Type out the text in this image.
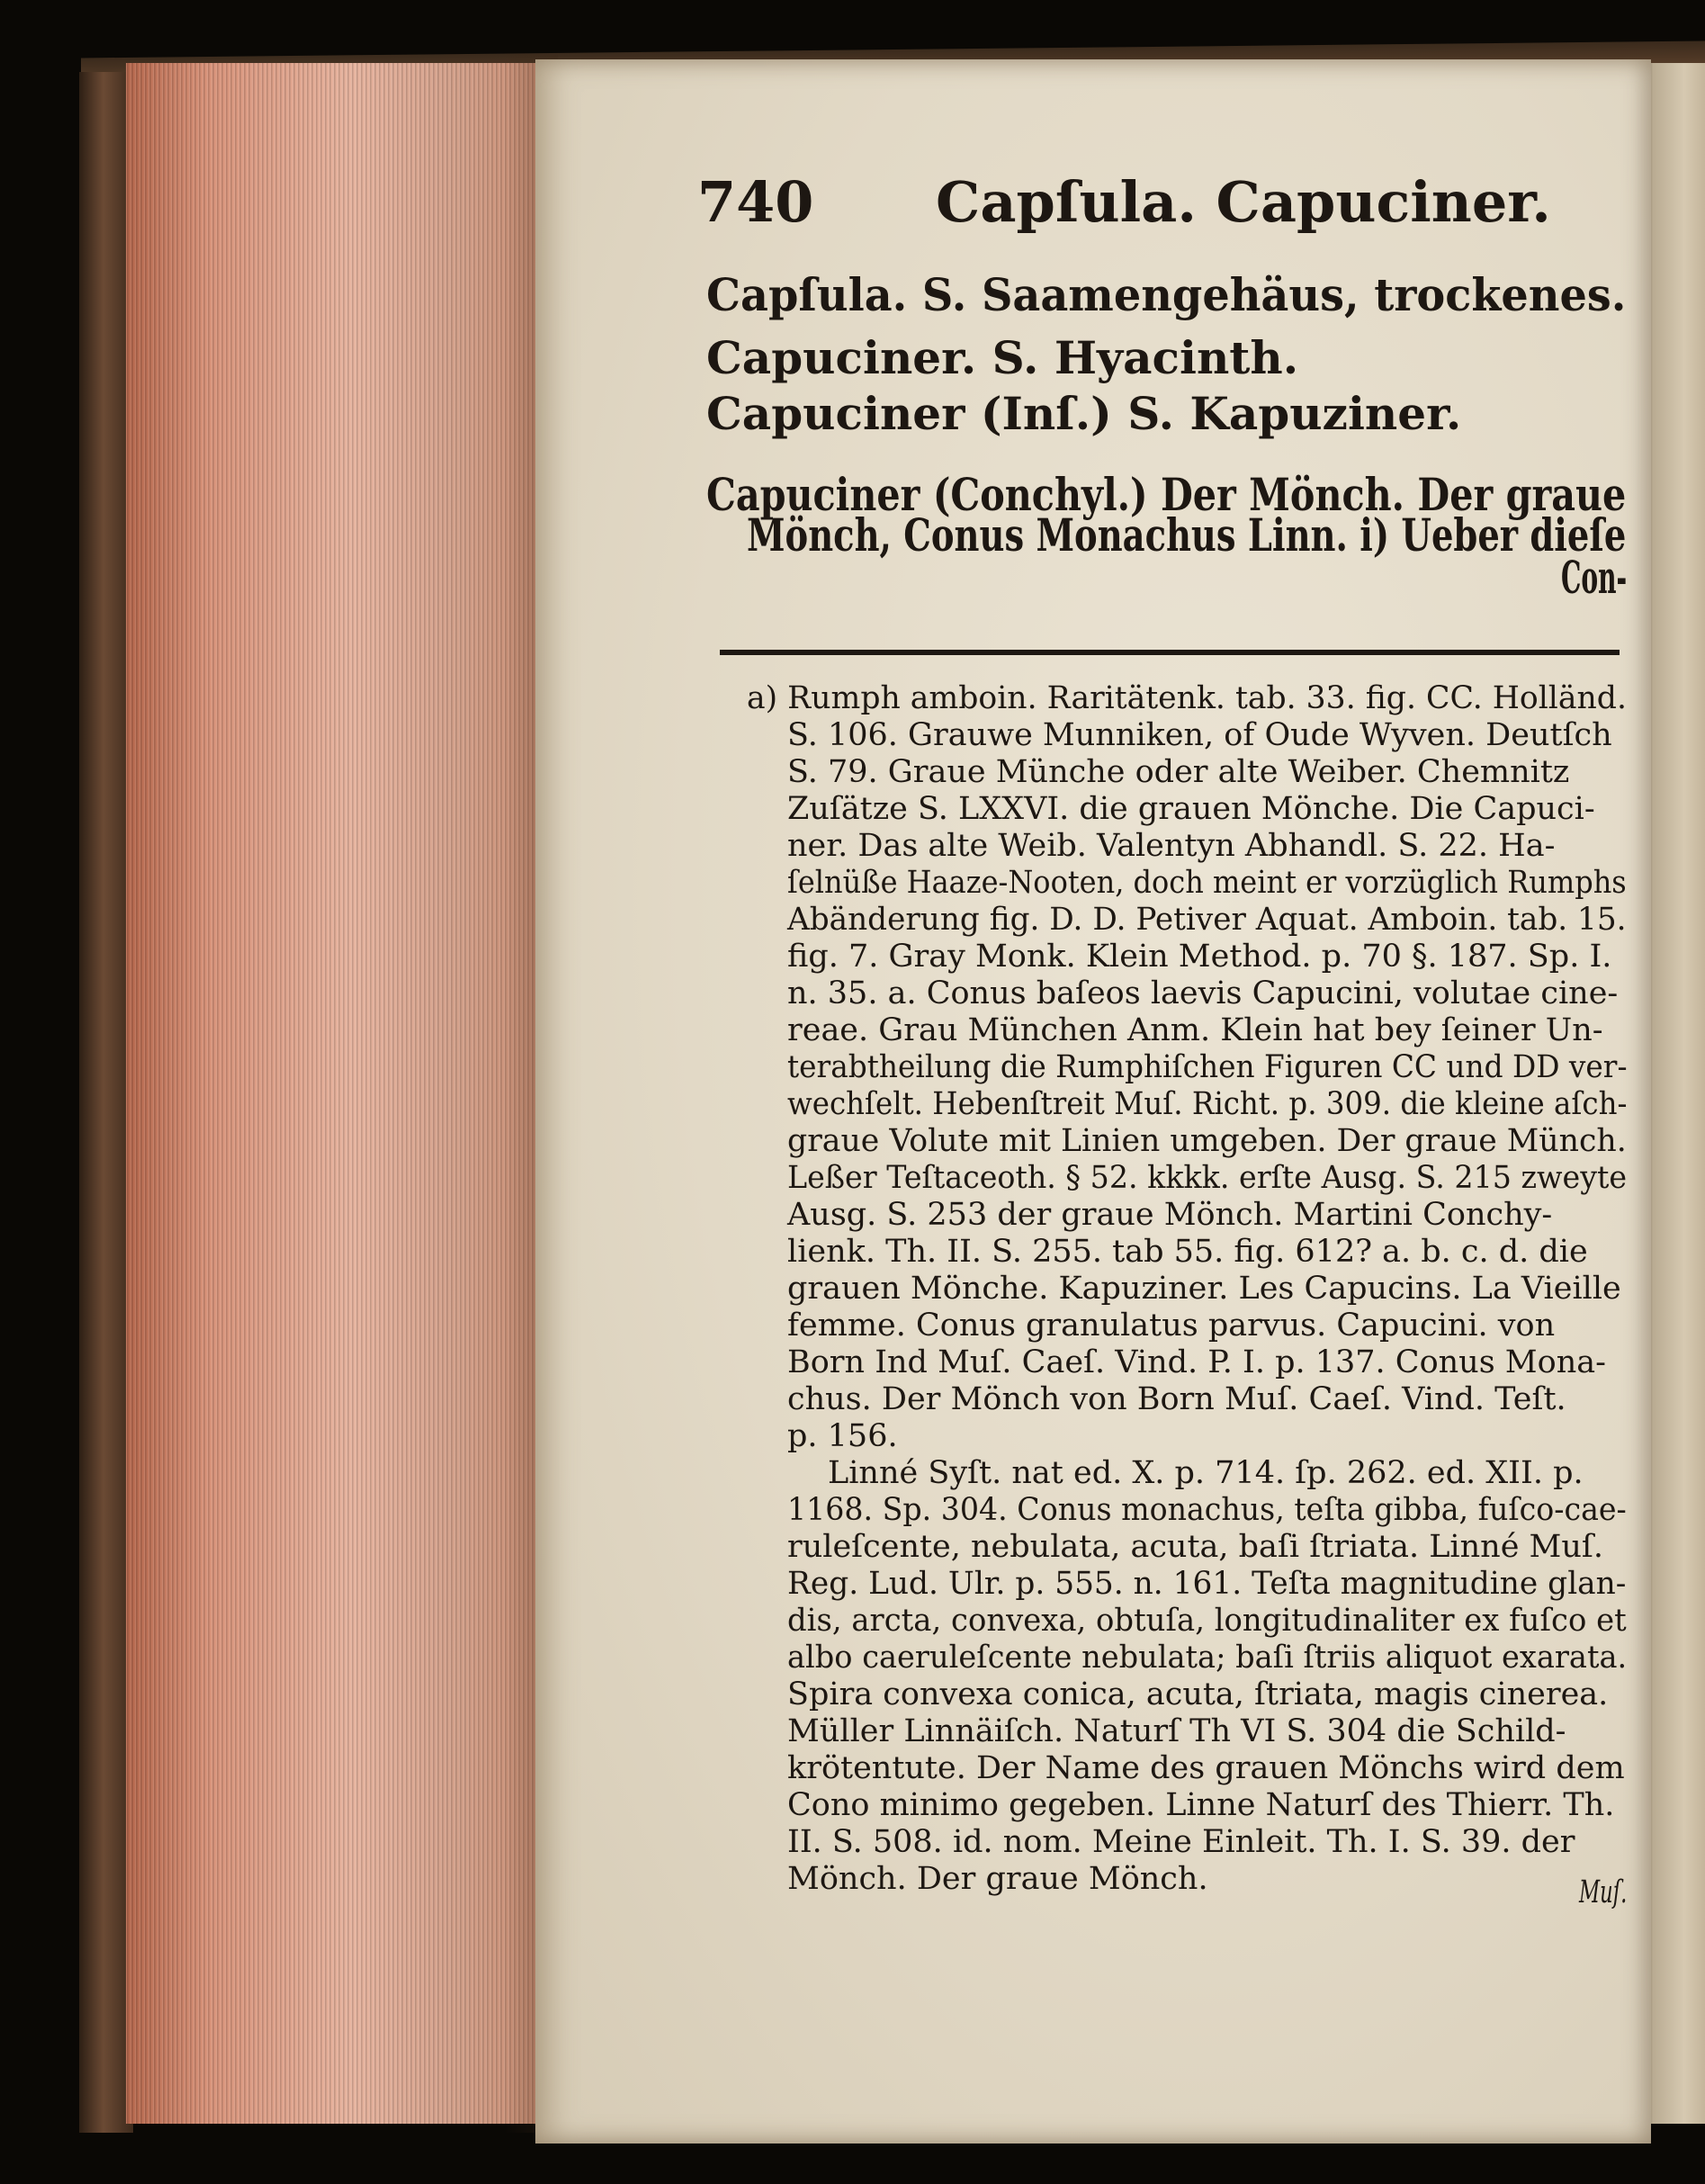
740 Capſula. Capuciner.
Capſula. S. Saamengehäus, trockenes.
Capuciner. S. Hyacinth.
Capuciner (Inſ.) S. Kapuziner.
Capuciner (Conchyl.) Der Mönch. Der graue
Mönch, Conus Monachus Linn. i) Ueber dieſe
Con-
a) Rumph amboin. Raritätenk. tab. 33. fig. CC. Holländ.
S. 106. Grauwe Munniken, of Oude Wyven. Deutſch
S. 79. Graue Münche oder alte Weiber. Chemnitz
Zuſätze S. LXXVI. die grauen Mönche. Die Capuci-
ner. Das alte Weib. Valentyn Abhandl. S. 22. Ha-
ſelnüße Haaze-Nooten, doch meint er vorzüglich Rumphs
Abänderung fig. D. D. Petiver Aquat. Amboin. tab. 15.
fig. 7. Gray Monk. Klein Method. p. 70 §. 187. Sp. I.
n. 35. a. Conus baſeos laevis Capucini, volutae cine-
reae. Grau München Anm. Klein hat bey ſeiner Un-
terabtheilung die Rumphiſchen Figuren CC und DD ver-
wechſelt. Hebenſtreit Muſ. Richt. p. 309. die kleine aſch-
graue Volute mit Linien umgeben. Der graue Münch.
Leßer Teſtaceoth. § 52. kkkk. erſte Ausg. S. 215 zweyte
Ausg. S. 253 der graue Mönch. Martini Conchy-
lienk. Th. II. S. 255. tab 55. fig. 612? a. b. c. d. die
grauen Mönche. Kapuziner. Les Capucins. La Vieille
femme. Conus granulatus parvus. Capucini. von
Born Ind Muſ. Caeſ. Vind. P. I. p. 137. Conus Mona-
chus. Der Mönch von Born Muſ. Caeſ. Vind. Teſt.
p. 156.
Linné Syſt. nat ed. X. p. 714. ſp. 262. ed. XII. p.
1168. Sp. 304. Conus monachus, teſta gibba, fuſco-cae-
ruleſcente, nebulata, acuta, baſi ſtriata. Linné Muſ.
Reg. Lud. Ulr. p. 555. n. 161. Teſta magnitudine glan-
dis, arcta, convexa, obtuſa, longitudinaliter ex fuſco et
albo caeruleſcente nebulata; baſi ſtriis aliquot exarata.
Spira convexa conica, acuta, ſtriata, magis cinerea.
Müller Linnäiſch. Naturſ Th VI S. 304 die Schild-
krötentute. Der Name des grauen Mönchs wird dem
Cono minimo gegeben. Linne Naturſ des Thierr. Th.
II. S. 508. id. nom. Meine Einleit. Th. I. S. 39. der
Mönch. Der graue Mönch.	Muſ.
